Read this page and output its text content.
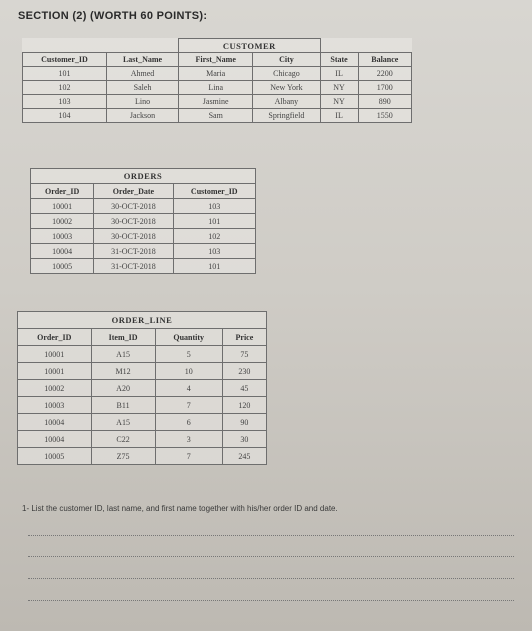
SECTION (2) (WORTH 60 POINTS):
		CUSTOMER			
Customer_ID	Last_Name	First_Name	City	State	Balance
101	Ahmed	Maria	Chicago	IL	2200
102	Saleh	Lina	New York	NY	1700
103	Lino	Jasmine	Albany	NY	890
104	Jackson	Sam	Springfield	IL	1550
ORDERS		
Order_ID	Order_Date	Customer_ID
10001	30-OCT-2018	103
10002	30-OCT-2018	101
10003	30-OCT-2018	102
10004	31-OCT-2018	103
10005	31-OCT-2018	101
ORDER_LINE			
Order_ID	Item_ID	Quantity	Price
10001	A15	5	75
10001	M12	10	230
10002	A20	4	45
10003	B11	7	120
10004	A15	6	90
10004	C22	3	30
10005	Z75	7	245
1- List the customer ID, last name, and first name together with his/her order ID and date.
